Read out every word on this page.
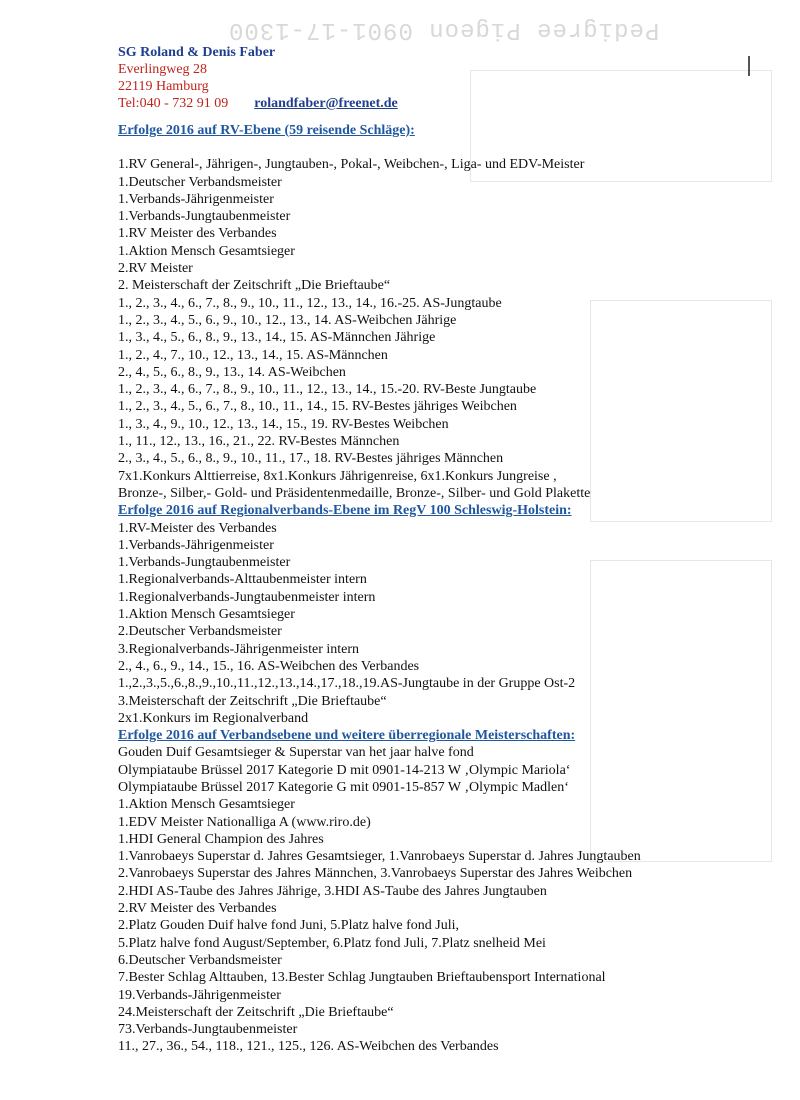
Pedigree Pigeon 0901-17-1300
SG Roland & Denis Faber
Everlingweg 28
22119 Hamburg
Tel:040 - 732 91 09 rolandfaber@freenet.de
Erfolge 2016 auf RV-Ebene (59 reisende Schläge):
1.RV General-, Jährigen-, Jungtauben-, Pokal-, Weibchen-, Liga- und EDV-Meister
1.Deutscher Verbandsmeister
1.Verbands-Jährigenmeister
1.Verbands-Jungtaubenmeister
1.RV Meister des Verbandes
1.Aktion Mensch Gesamtsieger
2.RV Meister
2. Meisterschaft der Zeitschrift „Die Brieftaube“
1., 2., 3., 4., 6., 7., 8., 9., 10., 11., 12., 13., 14., 16.-25. AS-Jungtaube
1., 2., 3., 4., 5., 6., 9., 10., 12., 13., 14. AS-Weibchen Jährige
1., 3., 4., 5., 6., 8., 9., 13., 14., 15. AS-Männchen Jährige
1., 2., 4., 7., 10., 12., 13., 14., 15. AS-Männchen
2., 4., 5., 6., 8., 9., 13., 14. AS-Weibchen
1., 2., 3., 4., 6., 7., 8., 9., 10., 11., 12., 13., 14., 15.-20. RV-Beste Jungtaube
1., 2., 3., 4., 5., 6., 7., 8., 10., 11., 14., 15. RV-Bestes jähriges Weibchen
1., 3., 4., 9., 10., 12., 13., 14., 15., 19. RV-Bestes Weibchen
1., 11., 12., 13., 16., 21., 22. RV-Bestes Männchen
2., 3., 4., 5., 6., 8., 9., 10., 11., 17., 18. RV-Bestes jähriges Männchen
7x1.Konkurs Alttierreise, 8x1.Konkurs Jährigenreise, 6x1.Konkurs Jungreise ,
Bronze-, Silber,- Gold- und Präsidentenmedaille, Bronze-, Silber- und Gold Plakette
Erfolge 2016 auf Regionalverbands-Ebene im RegV 100 Schleswig-Holstein:
1.RV-Meister des Verbandes
1.Verbands-Jährigenmeister
1.Verbands-Jungtaubenmeister
1.Regionalverbands-Alttaubenmeister intern
1.Regionalverbands-Jungtaubenmeister intern
1.Aktion Mensch Gesamtsieger
2.Deutscher Verbandsmeister
3.Regionalverbands-Jährigenmeister intern
2., 4., 6., 9., 14., 15., 16. AS-Weibchen des Verbandes
1.,2.,3.,5.,6.,8.,9.,10.,11.,12.,13.,14.,17.,18.,19.AS-Jungtaube in der Gruppe Ost-2
3.Meisterschaft der Zeitschrift „Die Brieftaube“
2x1.Konkurs im Regionalverband
Erfolge 2016 auf Verbandsebene und weitere überregionale Meisterschaften:
Gouden Duif Gesamtsieger & Superstar van het jaar halve fond
Olympiataube Brüssel 2017 Kategorie D mit 0901-14-213 W ‚Olympic Mariola‘
Olympiataube Brüssel 2017 Kategorie G mit 0901-15-857 W ‚Olympic Madlen‘
1.Aktion Mensch Gesamtsieger
1.EDV Meister Nationalliga A (www.riro.de)
1.HDI General Champion des Jahres
1.Vanrobaeys Superstar d. Jahres Gesamtsieger, 1.Vanrobaeys Superstar d. Jahres Jungtauben
2.Vanrobaeys Superstar des Jahres Männchen, 3.Vanrobaeys Superstar des Jahres Weibchen
2.HDI AS-Taube des Jahres Jährige, 3.HDI AS-Taube des Jahres Jungtauben
2.RV Meister des Verbandes
2.Platz Gouden Duif halve fond Juni, 5.Platz halve fond Juli,
5.Platz halve fond August/September, 6.Platz fond Juli, 7.Platz snelheid Mei
6.Deutscher Verbandsmeister
7.Bester Schlag Alttauben, 13.Bester Schlag Jungtauben Brieftaubensport International
19.Verbands-Jährigenmeister
24.Meisterschaft der Zeitschrift „Die Brieftaube“
73.Verbands-Jungtaubenmeister
11., 27., 36., 54., 118., 121., 125., 126. AS-Weibchen des Verbandes
